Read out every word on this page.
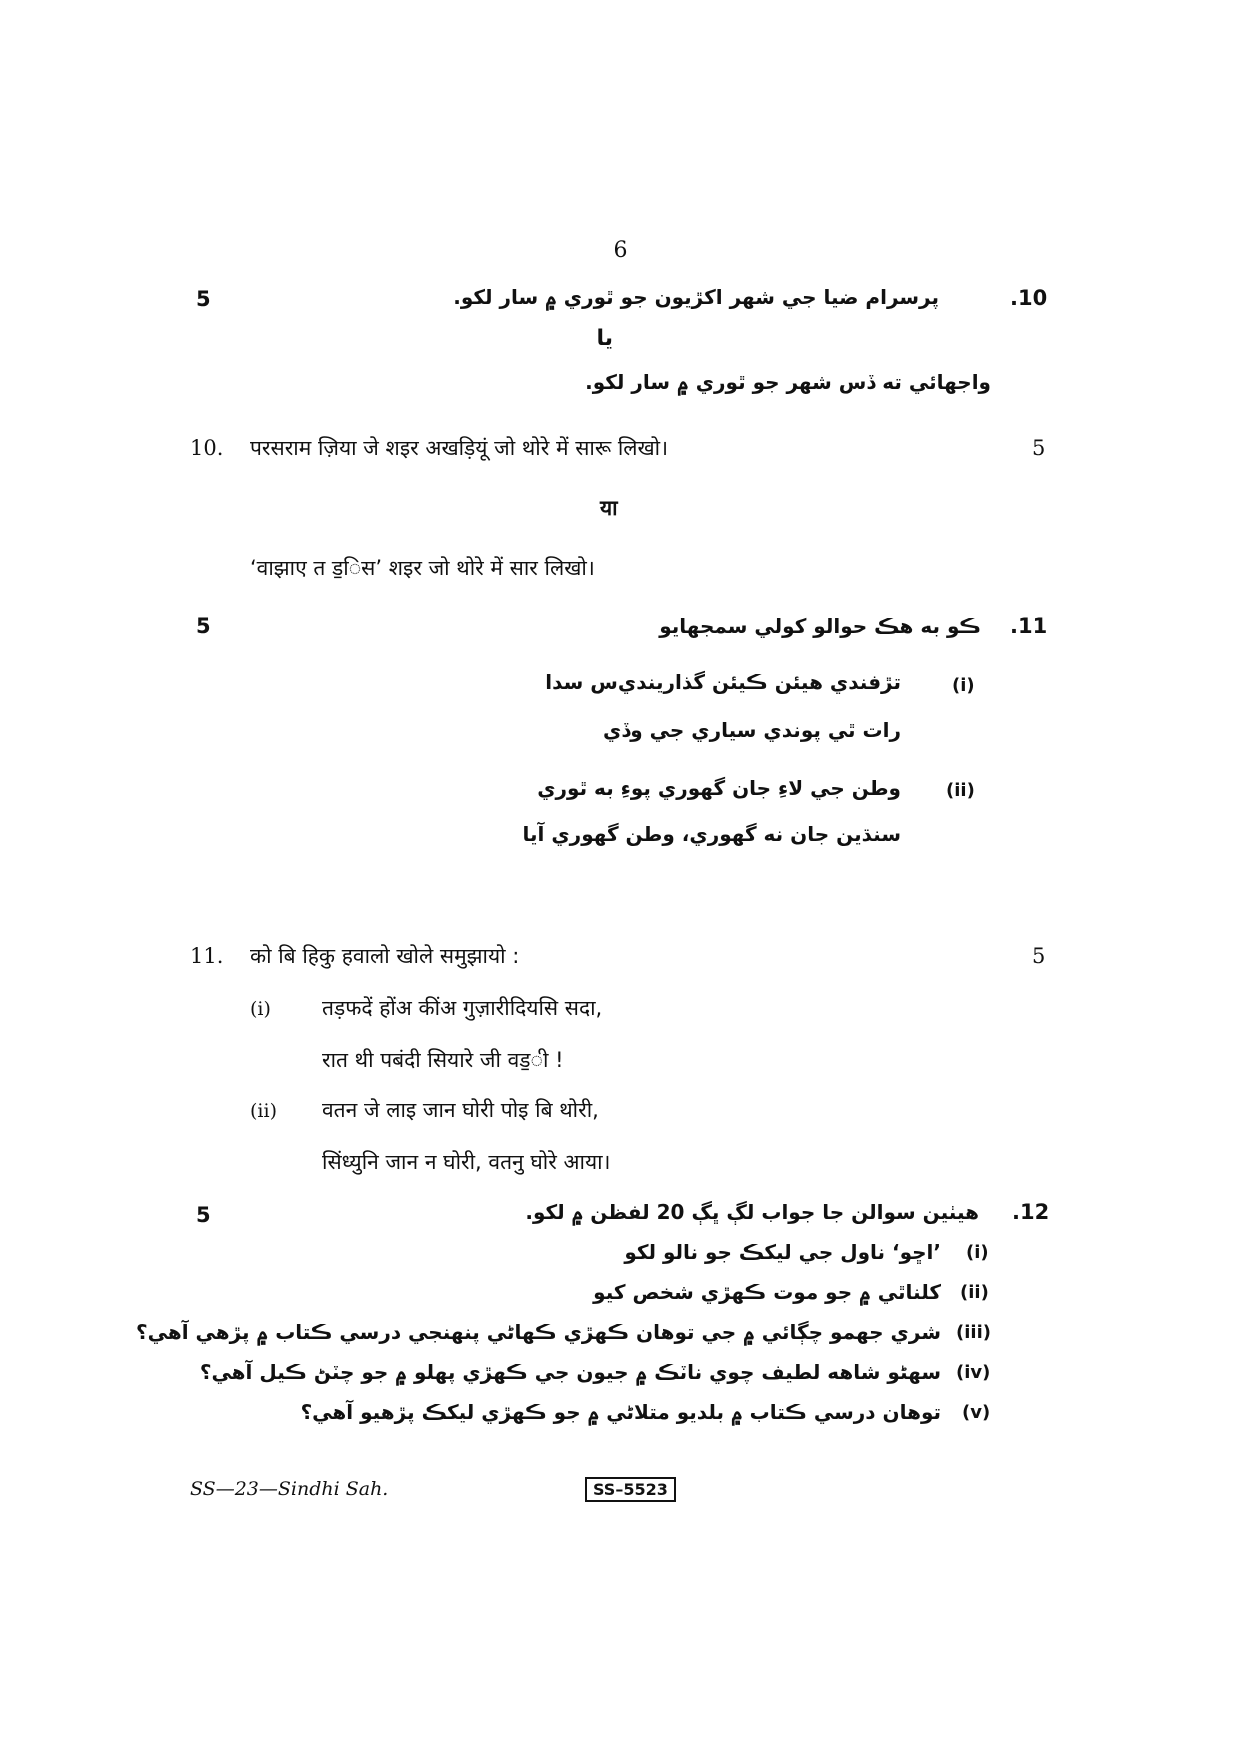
6
5	پرسرام ضيا جي شهر اکڙيون جو ٿوري ۾ سار لکو.	.10
يا
واجهائي ته ڏس شهر جو ٿوري ۾ سار لکو.
10. परसराम ज़िया जे शइर अखड़ियूं जो थोरे में सारू लिखो।	5
या
‘वाझाए त ड॒िस’ शइर जो थोरे में सार लिखो।
5	ڪو به هڪ حوالو کولي سمجهايو .11
(i)
تڙفندي هيئن ڪيئن گذاريندي‌س سدا
رات ٿي پوندي سياري جي وڏي
(ii)
وطن جي لاءِ جان گهوري پوءِ به ٿوري
سنڌين جان نه گهوري، وطن گهوري آيا
11. को बि हिकु हवालो खोले समुझायो :	5
(i) तड़फदें होंअ कींअ गुज़ारीदियसि सदा,
रात थी पबंदी सियारे जी वड॒ी !
(ii) वतन जे लाइ जान घोरी पोइ बि थोरी,
सिंध्युनि जान न घोरी, वतनु घोरे आया।
5	هيٺين سوالن جا جواب لڳ ڀڳ 20 لفظن ۾ لکو. .12
(i)
’اڇو‘ ناول جي ليکڪ جو نالو لکو
(ii)
کلناٿي ۾ جو موت ڪهڙي شخص کيو
(iii)
شري جهمو چڳائي ۾ جي توهان ڪهڙي ڪهاڻي پنهنجي درسي ڪتاب ۾ پڙهي آهي؟
(iv)
سهڻو شاهه لطيف چوي ناٽڪ ۾ جيون جي ڪهڙي پهلو ۾ جو چٽڻ ڪيل آهي؟
(v)
توهان درسي ڪتاب ۾ بلديو متلاڻي ۾ جو ڪهڙي ليکڪ پڙهيو آهي؟
SS—23—Sindhi Sah.	SS–5523
